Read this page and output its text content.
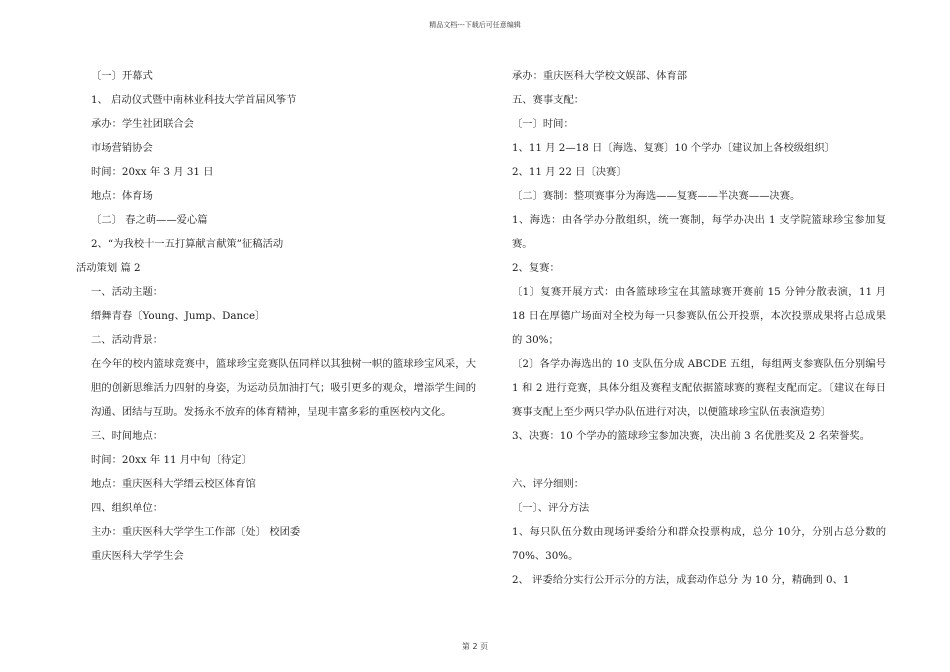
精品文档---下载后可任意编辑

〔一〕开幕式

1、 启动仪式暨中南林业科技大学首届风筝节

承办：学生社团联合会

市场营销协会

时间：20xx 年 3 月 31 日

地点：体育场

〔二〕 春之萌——爱心篇

2、“为我校十一五打算献言献策”征稿活动

活动策划 篇 2

一、活动主题：

缙舞青春〔Young、Jump、Dance〕

二、活动背景：

在今年的校内篮球竞赛中，篮球珍宝竞赛队伍同样以其独树一帜的篮球珍宝风采，大胆的创新思维活力四射的身姿，为运动员加油打气；吸引更多的观众，增添学生间的沟通、团结与互助。发扬永不放弃的体育精神，呈现丰富多彩的重医校内文化。

三、时间地点：

时间：20xx 年 11 月中旬〔待定〕

地点：重庆医科大学缙云校区体育馆

四、组织单位：

主办：重庆医科大学学生工作部〔处〕 校团委

重庆医科大学学生会

承办：重庆医科大学校文娱部、体育部

五、赛事支配：

〔一〕时间：

1、11 月 2—18 日〔海选、复赛〕10 个学办〔建议加上各校级组织〕

2、11 月 22 日〔决赛〕

〔二〕赛制：整项赛事分为海选——复赛——半决赛——决赛。

1、海选：由各学办分散组织，统一赛制，每学办决出 1 支学院篮球珍宝参加复赛。

2、复赛：

〔1〕复赛开展方式：由各篮球珍宝在其篮球赛开赛前 15 分钟分散表演，11 月 18 日在厚德广场面对全校为每一只参赛队伍公开投票，本次投票成果将占总成果的 30%；

〔2〕各学办海选出的 10 支队伍分成 ABCDE 五组，每组两支参赛队伍分别编号 1 和 2 进行竞赛，具体分组及赛程支配依据篮球赛的赛程支配而定。〔建议在每日赛事支配上至少两只学办队伍进行对决，以便篮球珍宝队伍表演造势〕

3、决赛：10 个学办的篮球珍宝参加决赛，决出前 3 名优胜奖及 2 名荣誉奖。

六、评分细则：

〔一〕、评分方法

1、每只队伍分数由现场评委给分和群众投票构成，总分 10分，分别占总分数的 70%、30%。

2、 评委给分实行公开示分的方法，成套动作总分 为 10 分，精确到 0、1

第 2 页
